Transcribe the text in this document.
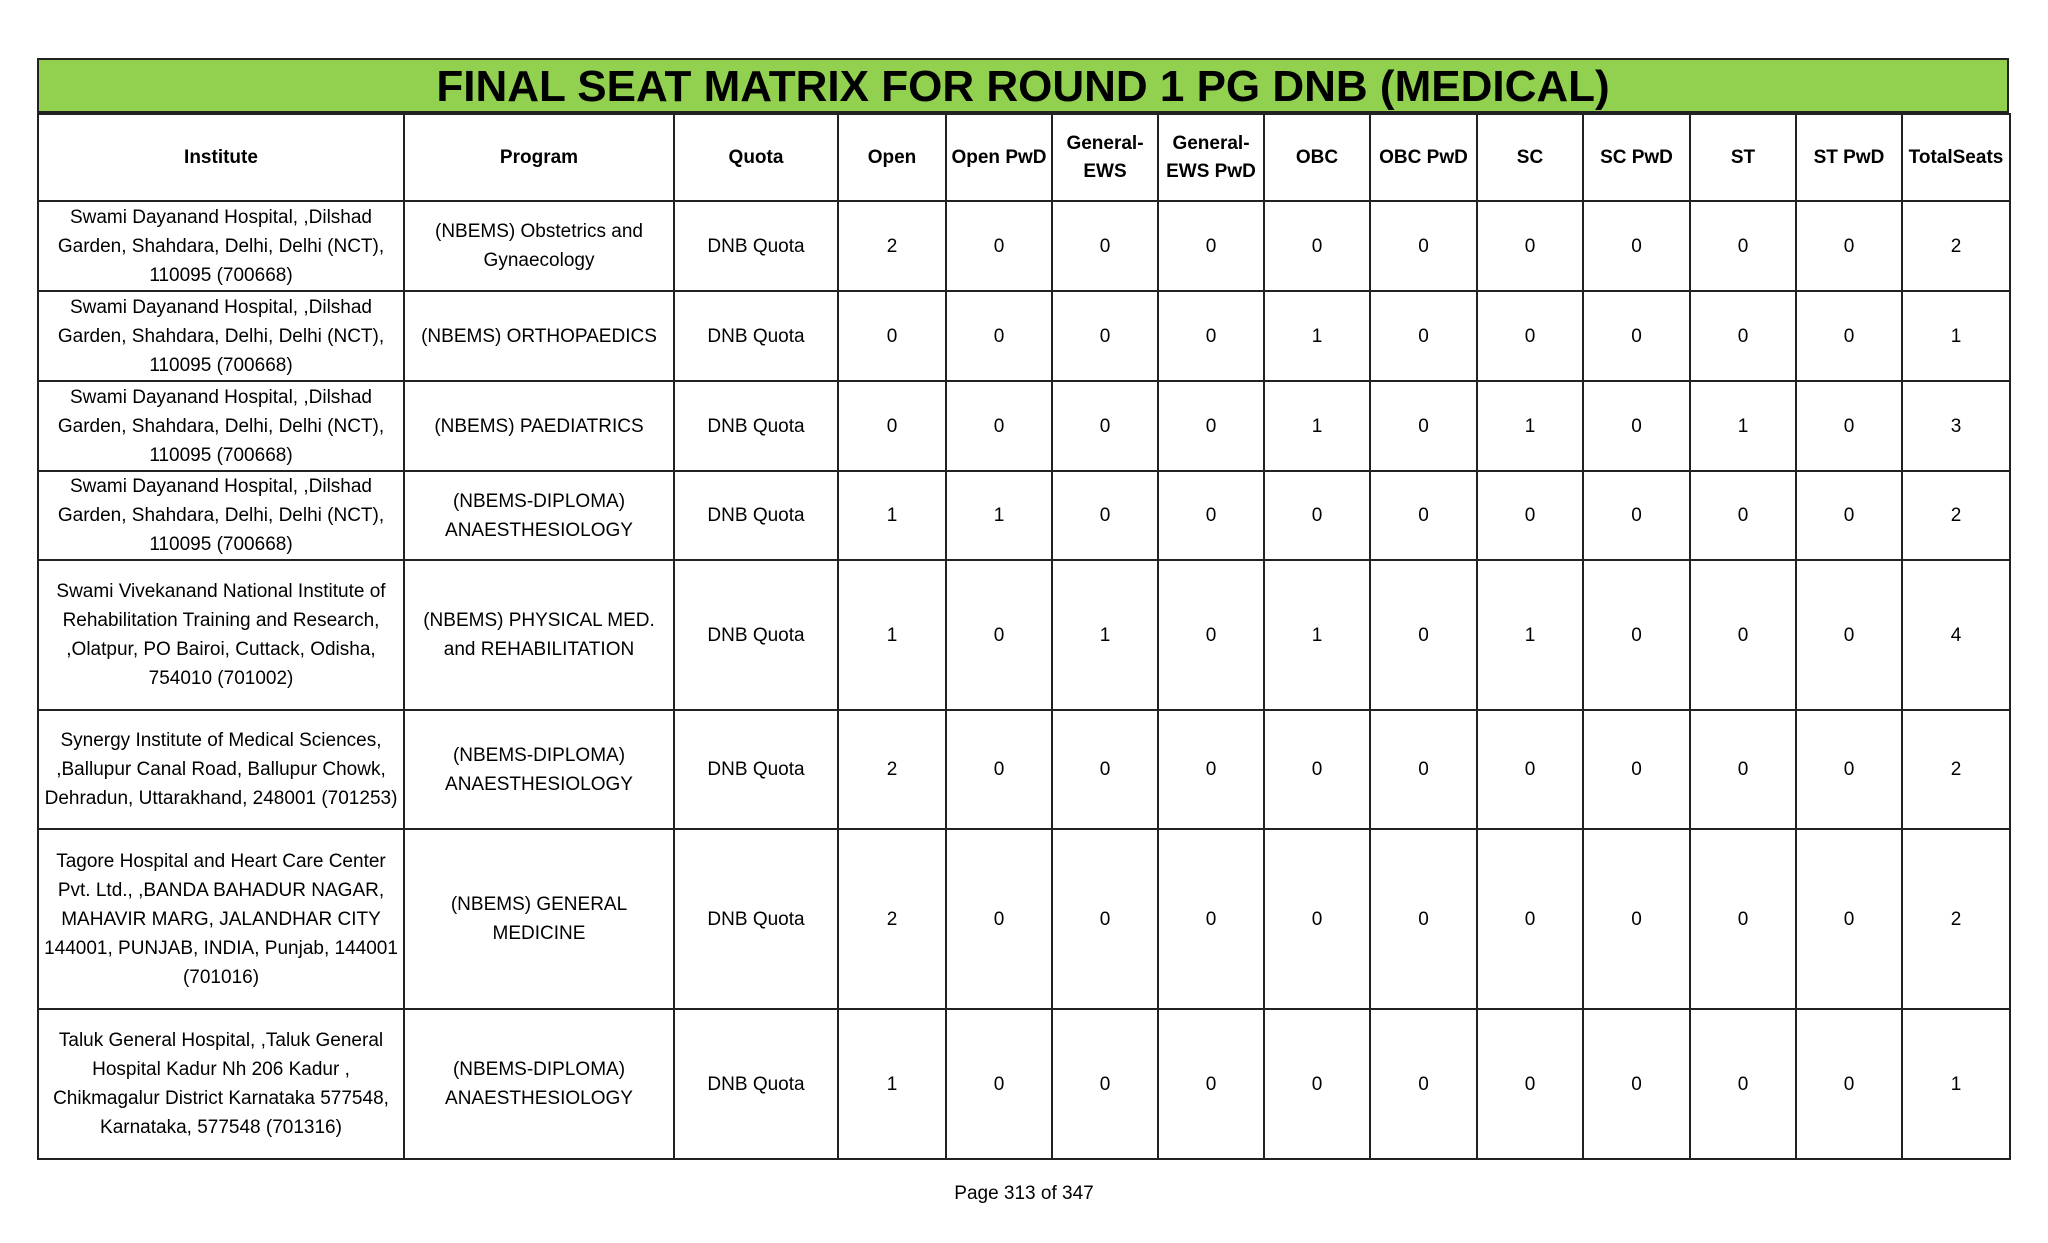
FINAL SEAT MATRIX FOR ROUND 1 PG DNB (MEDICAL)
Institute	Program	Quota	Open	Open PwD	General-EWS	General-EWS PwD	OBC	OBC PwD	SC	SC PwD	ST	ST PwD	TotalSeats
Swami Dayanand Hospital, ,Dilshad Garden, Shahdara, Delhi, Delhi (NCT), 110095 (700668)	(NBEMS) Obstetrics and Gynaecology	DNB Quota	2	0	0	0	0	0	0	0	0	0	2
Swami Dayanand Hospital, ,Dilshad Garden, Shahdara, Delhi, Delhi (NCT), 110095 (700668)	(NBEMS) ORTHOPAEDICS	DNB Quota	0	0	0	0	1	0	0	0	0	0	1
Swami Dayanand Hospital, ,Dilshad Garden, Shahdara, Delhi, Delhi (NCT), 110095 (700668)	(NBEMS) PAEDIATRICS	DNB Quota	0	0	0	0	1	0	1	0	1	0	3
Swami Dayanand Hospital, ,Dilshad Garden, Shahdara, Delhi, Delhi (NCT), 110095 (700668)	(NBEMS-DIPLOMA) ANAESTHESIOLOGY	DNB Quota	1	1	0	0	0	0	0	0	0	0	2
Swami Vivekanand National Institute of Rehabilitation Training and Research, ,Olatpur, PO Bairoi, Cuttack, Odisha, 754010 (701002)	(NBEMS) PHYSICAL MED. and REHABILITATION	DNB Quota	1	0	1	0	1	0	1	0	0	0	4
Synergy Institute of Medical Sciences, ,Ballupur Canal Road, Ballupur Chowk, Dehradun, Uttarakhand, 248001 (701253)	(NBEMS-DIPLOMA) ANAESTHESIOLOGY	DNB Quota	2	0	0	0	0	0	0	0	0	0	2
Tagore Hospital and Heart Care Center Pvt. Ltd., ,BANDA BAHADUR NAGAR, MAHAVIR MARG, JALANDHAR CITY 144001, PUNJAB, INDIA, Punjab, 144001 (701016)	(NBEMS) GENERAL MEDICINE	DNB Quota	2	0	0	0	0	0	0	0	0	0	2
Taluk General Hospital, ,Taluk General Hospital Kadur Nh 206 Kadur , Chikmagalur District Karnataka 577548, Karnataka, 577548 (701316)	(NBEMS-DIPLOMA) ANAESTHESIOLOGY	DNB Quota	1	0	0	0	0	0	0	0	0	0	1
Page 313 of 347
